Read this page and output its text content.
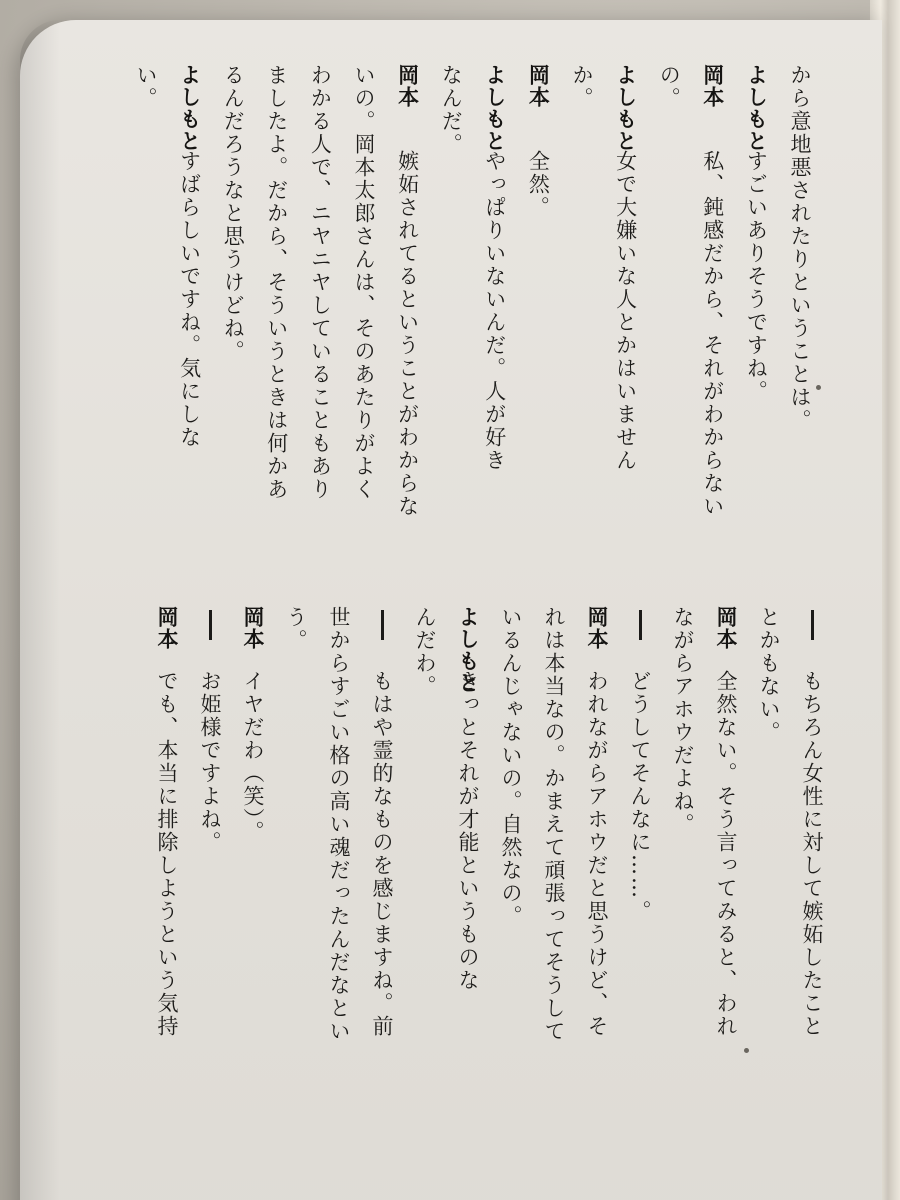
から意地悪されたりということは。

よしもと

すごいありそうですね。

岡本

私、鈍感だから、それがわからない

の。

よしもと

女で大嫌いな人とかはいません

か。

岡本

全然。

よしもと

やっぱりいないんだ。人が好き

なんだ。

岡本

嫉妬されてるということがわからな

いの。岡本太郎さんは、そのあたりがよく

わかる人で、ニヤニヤしていることもあり

ましたよ。だから、そういうときは何かあ

るんだろうなと思うけどね。

よしもと

すばらしいですね。気にしな

い。

もちろん女性に対して嫉妬したこと

とかもない。

岡本

全然ない。そう言ってみると、われ

ながらアホウだよね。

どうしてそんなに……。

岡本

われながらアホウだと思うけど、そ

れは本当なの。かまえて頑張ってそうして

いるんじゃないの。自然なの。

よしもと

きっとそれが才能というものな

んだわ。

もはや霊的なものを感じますね。前

世からすごい格の高い魂だったんだなとい

う。

岡本

イヤだわ（笑）。

お姫様ですよね。

岡本

でも、本当に排除しようという気持
